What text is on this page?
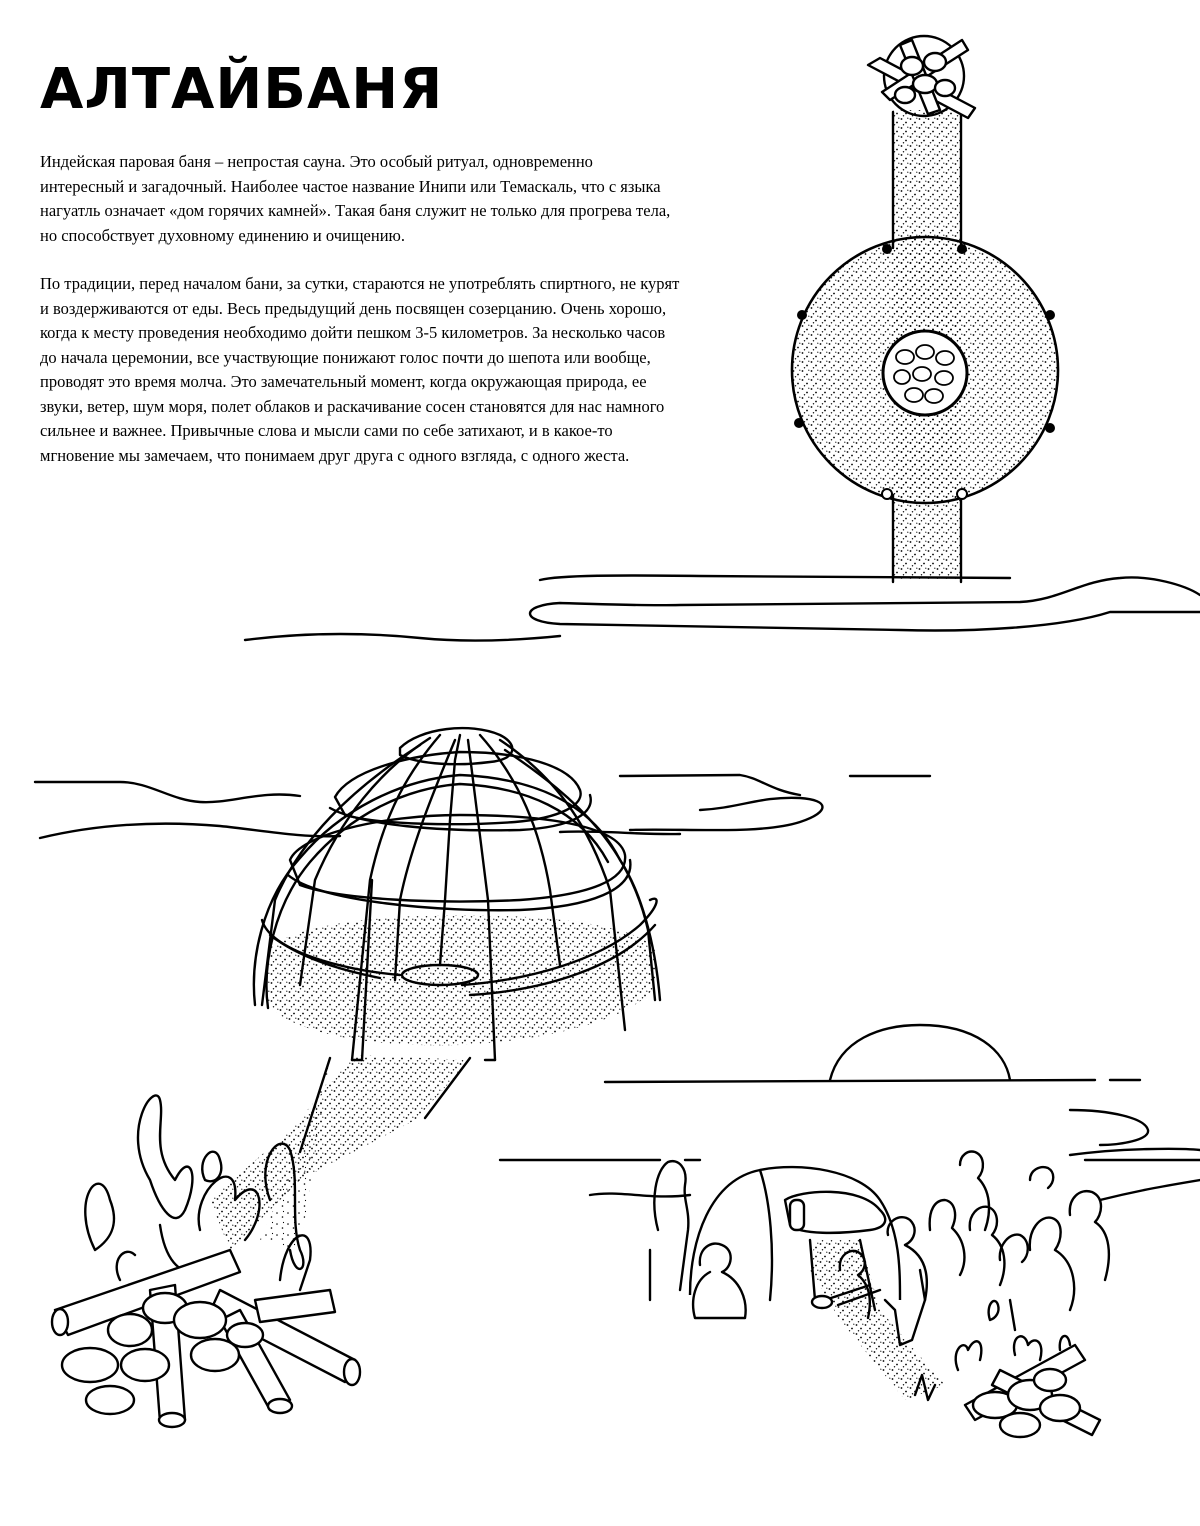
АЛТАЙБАНЯ

Индейская паровая баня – непростая сауна. Это особый ритуал, одновременно интересный и загадочный. Наиболее частое название Инипи или Темаскаль, что с языка нагуатль означает «дом горячих камней». Такая баня служит не только для прогрева тела, но способствует духовному единению и очищению.

По традиции, перед началом бани, за сутки, стараются не употреблять спиртного, не курят и воздерживаются от еды. Весь предыдущий день посвящен созерцанию. Очень хорошо, когда к месту проведения необходимо дойти пешком 3-5 километров. За несколько часов до начала церемонии, все участвующие понижают голос почти до шепота или вообще, проводят это время молча. Это замечательный момент, когда окружающая природа, ее звуки, ветер, шум моря, полет облаков и раскачивание сосен становятся для нас намного сильнее и важнее. Привычные слова и мысли сами по себе затихают, и в какое-то мгновение мы замечаем, что понимаем друг друга с одного взгляда, с одного жеста.
